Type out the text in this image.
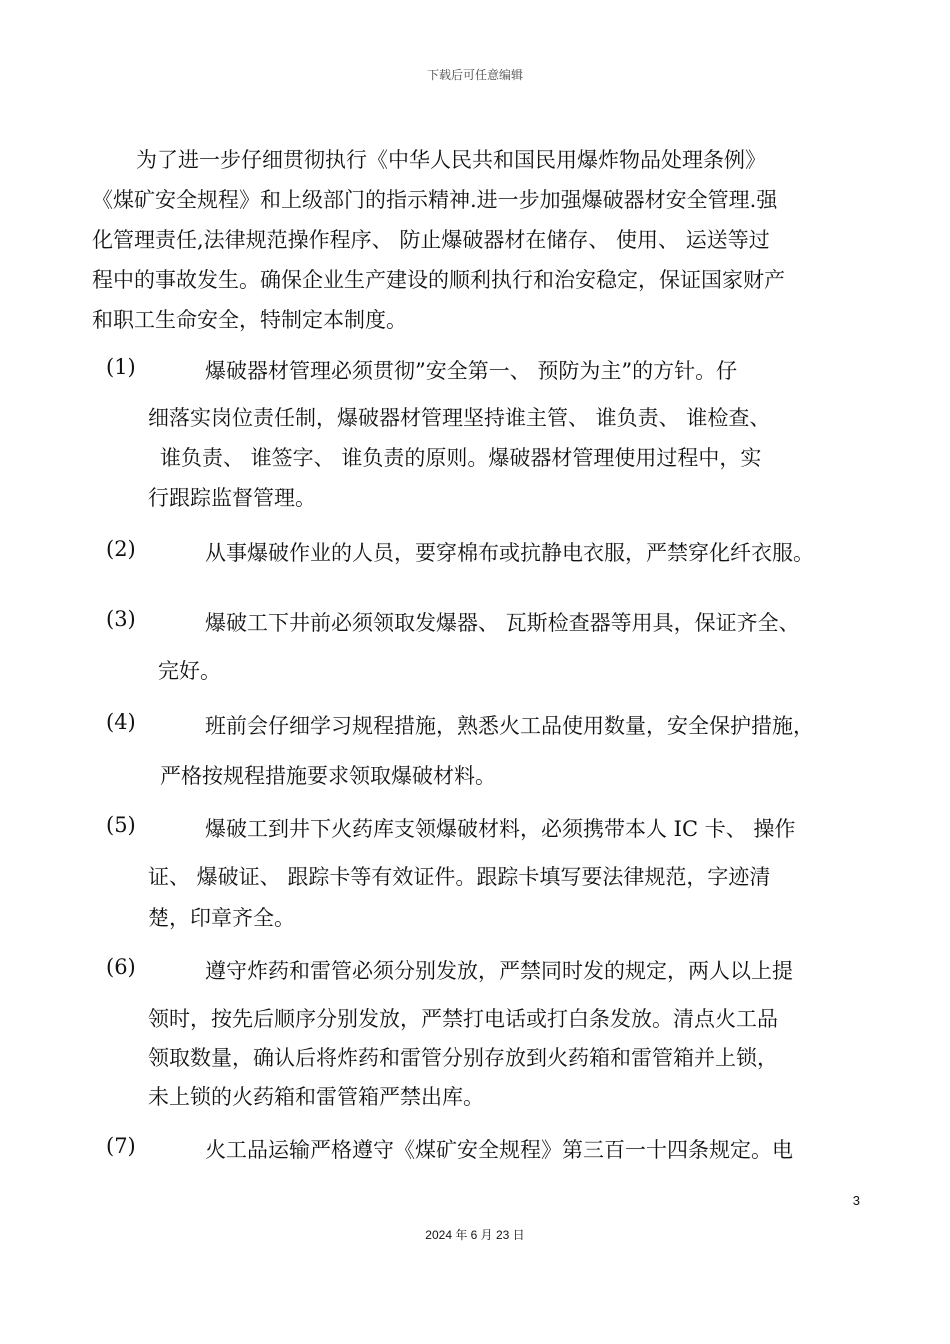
下载后可任意编辑
为了进一步仔细贯彻执行《中华人民共和国民用爆炸物品处理条例》
《煤矿安全规程》和上级部门的指示精神.进一步加强爆破器材安全管理.强
化管理责任,法律规范操作程序、 防止爆破器材在储存、 使用、 运送等过
程中的事故发生。确保企业生产建设的顺利执行和治安稳定，保证国家财产
和职工生命安全，特制定本制度。
(1)	爆破器材管理必须贯彻”安全第一、 预防为主”的方针。仔
细落实岗位责任制，爆破器材管理坚持谁主管、 谁负责、 谁检查、
谁负责、 谁签字、 谁负责的原则。爆破器材管理使用过程中，实
行跟踪监督管理。
(2)	从事爆破作业的人员，要穿棉布或抗静电衣服，严禁穿化纤衣服。
(3)	爆破工下井前必须领取发爆器、 瓦斯检查器等用具，保证齐全、
完好。
(4)	班前会仔细学习规程措施，熟悉火工品使用数量，安全保护措施，
严格按规程措施要求领取爆破材料。
(5)	爆破工到井下火药库支领爆破材料，必须携带本人 IC 卡、 操作
证、 爆破证、 跟踪卡等有效证件。跟踪卡填写要法律规范，字迹清
楚，印章齐全。
(6)	遵守炸药和雷管必须分别发放，严禁同时发的规定，两人以上提
领时，按先后顺序分别发放，严禁打电话或打白条发放。清点火工品
领取数量，确认后将炸药和雷管分别存放到火药箱和雷管箱并上锁，
未上锁的火药箱和雷管箱严禁出库。
(7)	火工品运输严格遵守《煤矿安全规程》第三百一十四条规定。电
3
2024 年 6 月 23 日
